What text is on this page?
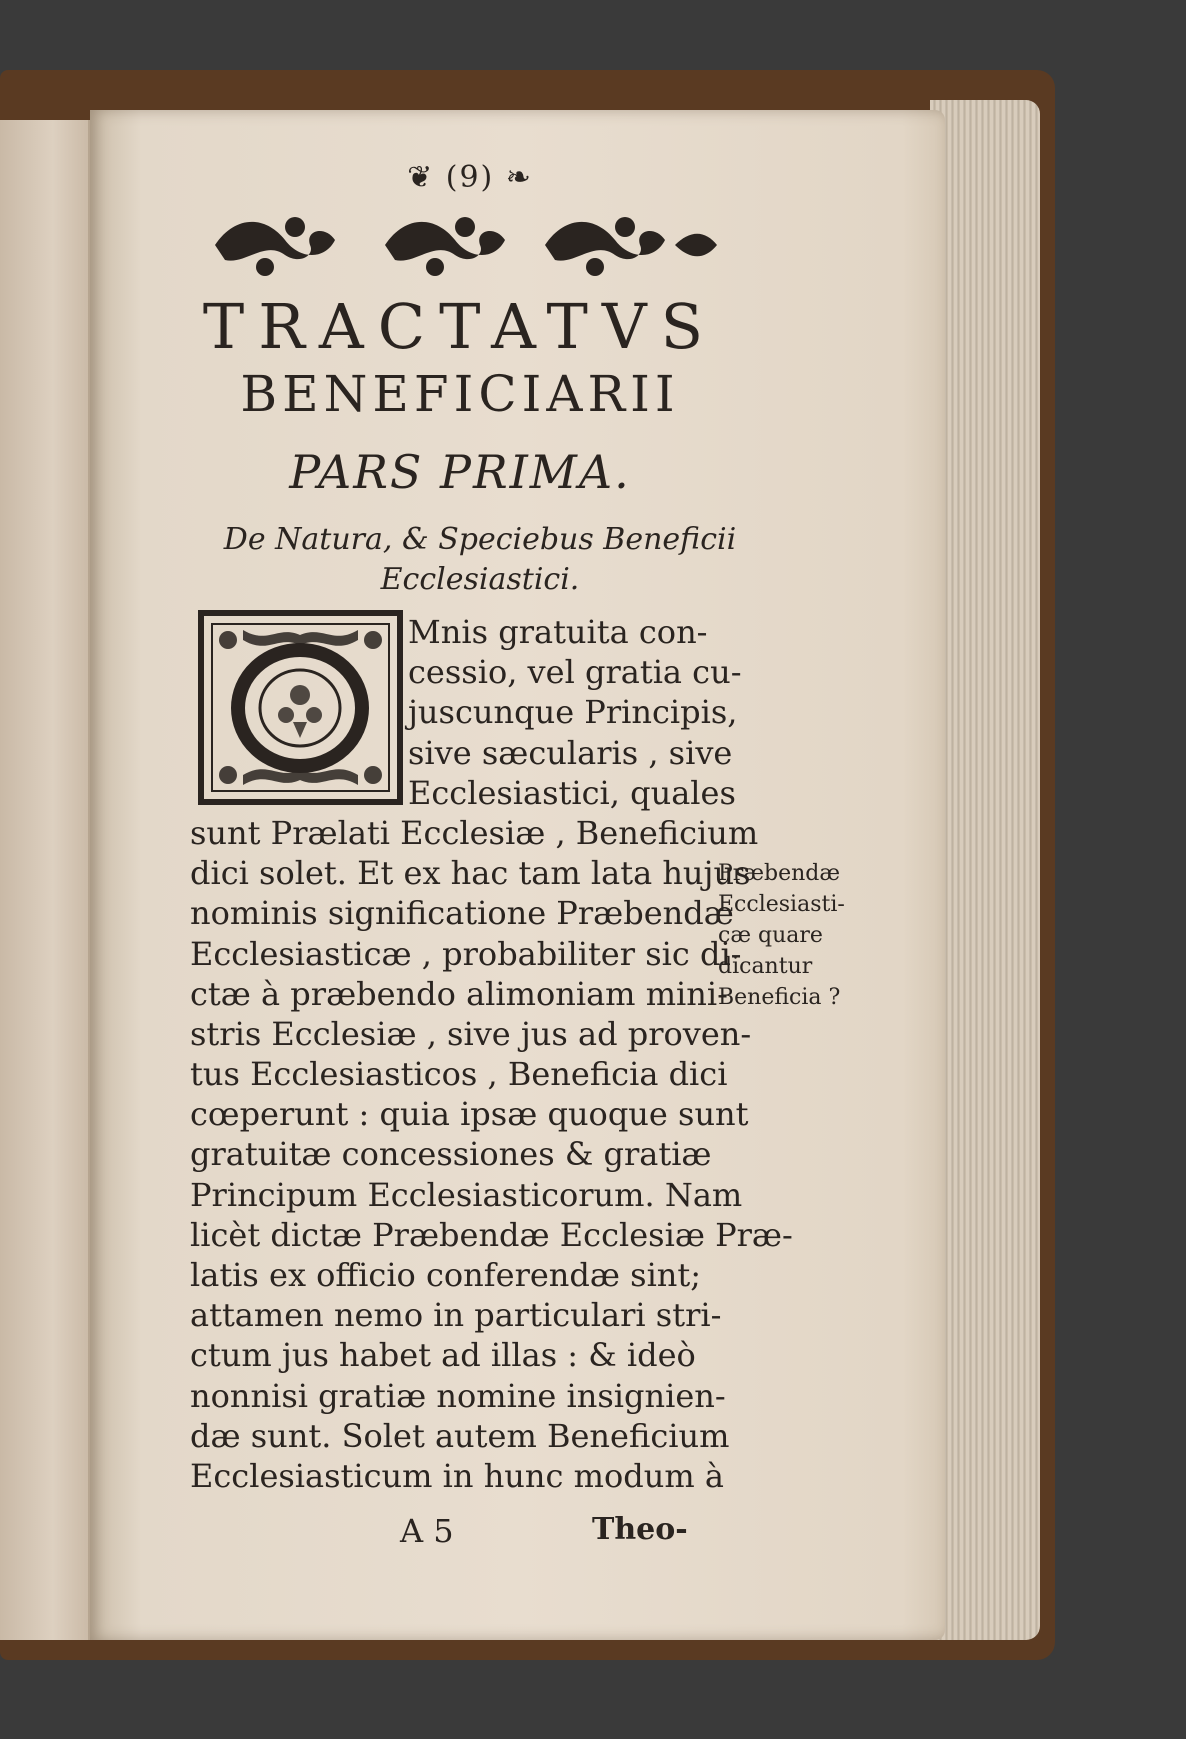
❦ (9) ❧
TRACTATVS
BENEFICIARII
PARS PRIMA.
De Natura, & Speciebus Beneficii
Ecclesiastici.
Mnis gratuita con-
cessio, vel gratia cu-
juscunque Principis,
sive sæcularis , sive
Ecclesiastici, quales
sunt Prælati Ecclesiæ , Beneficium
dici solet. Et ex hac tam lata hujus
nominis significatione Præbendæ
Ecclesiasticæ , probabiliter sic di-
ctæ à præbendo alimoniam mini-
stris Ecclesiæ , sive jus ad proven-
tus Ecclesiasticos , Beneficia dici
cœperunt : quia ipsæ quoque sunt
gratuitæ concessiones & gratiæ
Principum Ecclesiasticorum. Nam
licèt dictæ Præbendæ Ecclesiæ Præ-
latis ex officio conferendæ sint;
attamen nemo in particulari stri-
ctum jus habet ad illas : & ideò
nonnisi gratiæ nomine insignien-
dæ sunt. Solet autem Beneficium
Ecclesiasticum in hunc modum à
Præbendæ
Ecclesiasti-
cæ quare
dicantur
Beneficia ?
A 5	Theo-
